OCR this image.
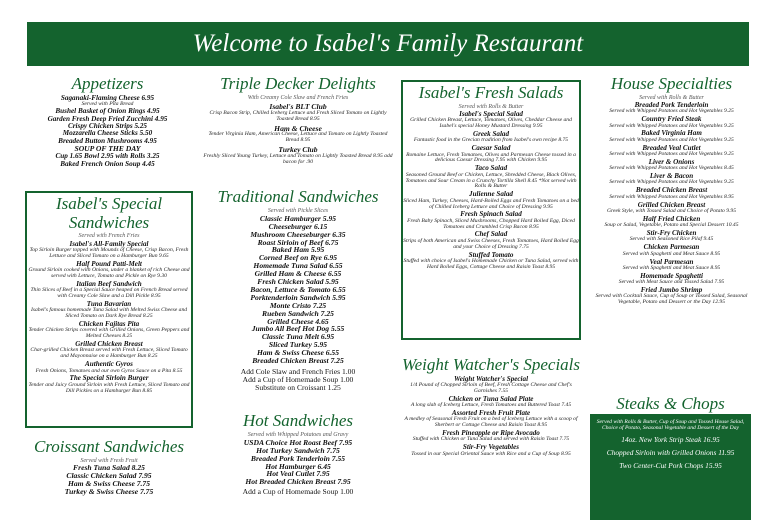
Welcome to Isabel's Family Restaurant
Appetizers
Saganaki-Flaming Cheese 6.95
Served with Pita Bread
Bushel Basket of Onion Rings 4.95
Garden Fresh Deep Fried Zucchini 4.95
Crispy Chicken Strips 5.25
Mozzarella Cheese Sticks 5.50
Breaded Button Mushrooms 4.95
SOUP OF THE DAY
Cup 1.65 Bowl 2.95 with Rolls 3.25
Baked French Onion Soup 4.45
Isabel's Special Sandwiches
Served with French Fries
Isabel's All-Family Special
Top Sirloin Burger topped with Mounds of Cheese, Crisp Bacon, Fresh Lettuce and Sliced Tomato on a Hamburger Bun 9.65
Half Pound Patti-Melt
Ground Sirloin cooked with Onions, under a blanket of rich Cheese and served with Lettuce, Tomato and Pickle on Rye 9.30
Italian Beef Sandwich
Thin Slices of Beef in a Special Sauce heaped on French Bread served with Creamy Cole Slaw and a Dill Pickle 8.95
Tuna Bavarian
Isabel's famous homemade Tuna Salad with Melted Swiss Cheese and Sliced Tomato on Dark Rye Bread 8.25
Chicken Fajitas Pita
Tender Chicken Strips covered with Grilled Onions, Green Peppers and Melted Cheeses 8.25
Grilled Chicken Breast
Char-grilled Chicken Breast served with Fresh Lettuce, Sliced Tomato and Mayonnaise on a Hamburger Bun 8.25
Authentic Gyros
Fresh Onions, Tomatoes and our own Gyros Sauce on a Pita 8.55
The Special Sirloin Burger
Tender and Juicy Ground Sirloin with Fresh Lettuce, Sliced Tomato and Dill Pickles on a Hamburger Bun 8.85
Croissant Sandwiches
Served with Fresh Fruit
Fresh Tuna Salad 8.25
Classic Chicken Salad 7.95
Ham & Swiss Cheese 7.75
Turkey & Swiss Cheese 7.75
Triple Decker Delights
With Creamy Cole Slaw and French Fries
Isabel's BLT Club
Crisp Bacon Strip, Chilled Iceberg Lettuce and Fresh Sliced Tomato on Lightly Toasted Bread 8.95
Ham & Cheese
Tender Virginia Ham, American Cheese, Lettuce and Tomato on Lightly Toasted Bread 8.95
Turkey Club
Freshly Sliced Young Turkey, Lettuce and Tomato on Lightly Toasted Bread 8.95 add bacon for .90
Traditional Sandwiches
Served with Pickle Slices
Classic Hamburger 5.95
Cheeseburger 6.15
Mushroom Cheeseburger 6.35
Roast Sirloin of Beef 6.75
Baked Ham 5.95
Corned Beef on Rye 6.95
Homemade Tuna Salad 6.55
Grilled Ham & Cheese 6.55
Fresh Chicken Salad 5.95
Bacon, Lettuce & Tomato 6.55
Porktenderloin Sandwich 5.95
Monte Cristo 7.25
Rueben Sandwich 7.25
Grilled Cheese 4.65
Jumbo All Beef Hot Dog 5.55
Classic Tuna Melt 6.95
Sliced Turkey 5.95
Ham & Swiss Cheese 6.55
Breaded Chicken Breast 7.25
Add Cole Slaw and French Fries 1.00
Add a Cup of Homemade Soup 1.00
Substitute on Croissant 1.25
Hot Sandwiches
Served with Whipped Potatoes and Gravy
USDA Choice Hot Roast Beef 7.95
Hot Turkey Sandwich 7.75
Breaded Pork Tenderloin 7.55
Hot Hamburger 6.45
Hot Veal Cutlet 7.95
Hot Breaded Chicken Breast 7.95
Add a Cup of Homemade Soup 1.00
Isabel's Fresh Salads
Served with Rolls & Butter
Isabel's Special Salad
Grilled Chicken Breast, Lettuce, Tomatoes, Olives, Cheddar Cheese and Isabel's special Honey Mustard Dressing 9.95
Greek Salad
Fantastic food in the Grecian tradition from Isabel's own recipe 8.75
Caesar Salad
Romaine Lettuce, Fresh Tomatoes, Olives and Parmesan Cheese tossed in a delicious Caesar Dressing 7.95 with Chicken 9.95
Taco Salad
Seasoned Ground Beef or Chicken, Lettuce, Shredded Cheese, Black Olives, Tomatoes and Sour Cream in a Crunchy Tortilla Shell 8.45 *Not served with Rolls & Butter
Julienne Salad
Sliced Ham, Turkey, Cheeses, Hard-Boiled Eggs and Fresh Tomatoes on a bed of Chilled Iceberg Lettuce and Choice of Dressing 9.95
Fresh Spinach Salad
Fresh Baby Spinach, Sliced Mushrooms, Chopped Hard Boiled Egg, Diced Tomatoes and Crumbled Crisp Bacon 8.95
Chef Salad
Strips of both American and Swiss Cheeses, Fresh Tomatoes, Hard Boiled Egg and your Choice of Dressing 7.75
Stuffed Tomato
Stuffed with choice of Isabel's Homemade Chicken or Tuna Salad, served with Hard Boiled Eggs, Cottage Cheese and Raisin Toast 8.95
Weight Watcher's Specials
Weight Watcher's Special
1/4 Pound of Chopped Sirloin of Beef, Fresh Cottage Cheese and Chef's Garnishes 7.55
Chicken or Tuna Salad Plate
A long slab of Iceberg Lettuce, Fresh Tomatoes and Buttered Toast 7.45
Assorted Fresh Fruit Plate
A medley of Seasonal Fresh Fruit on a bed of Iceberg Lettuce with a scoop of Sherbert or Cottage Cheese and Raisin Toast 8.95
Fresh Pineapple or Ripe Avocado
Stuffed with Chicken or Tuna Salad and served with Raisin Toast 7.75
Stir-Fry Vegetables
Tossed in our Special Oriental Sauce with Rice and a Cup of Soup 8.95
House Specialties
Served with Rolls & Butter
Breaded Pork Tenderloin
Served with Whipped Potatoes and Hot Vegetables 9.25
Country Fried Steak
Served with Whipped Potatoes and Hot Vegetables 9.25
Baked Virginia Ham
Served with Whipped Potatoes and Hot Vegetables 9.25
Breaded Veal Cutlet
Served with Whipped Potatoes and Hot Vegetables 9.25
Liver & Onions
Served with Whipped Potatoes and Hot Vegetables 8.45
Liver & Bacon
Served with Whipped Potatoes and Hot Vegetables 9.25
Breaded Chicken Breast
Served with Whipped Potatoes and Hot Vegetables 8.95
Grilled Chicken Breast
Greek Style, with Tossed Salad and Choice of Potato 9.95
Half Fried Chicken
Soup or Salad, Vegetable, Potato and Special Dessert 10.45
Stir-Fry Chicken
Served with Seasoned Rice Pilaf 9.45
Chicken Parmesan
Served with Spaghetti and Meat Sauce 8.95
Veal Parmesan
Served with Spaghetti and Meat Sauce 8.95
Homemade Spaghetti
Served with Meat Sauce and Tossed Salad 7.95
Fried Jumbo Shrimp
Served with Cocktail Sauce, Cup of Soup or Tossed Salad, Seasonal Vegetable, Potato and Dessert or the Day 12.95
Steaks & Chops
Served with Rolls & Butter, Cup of Soup and Tossed House Salad, Choice of Potato, Seasonal Vegetable and Dessert of the Day
14oz. New York Strip Steak 16.95
Chopped Sirloin with Grilled Onions 11.95
Two Center-Cut Pork Chops 15.95
